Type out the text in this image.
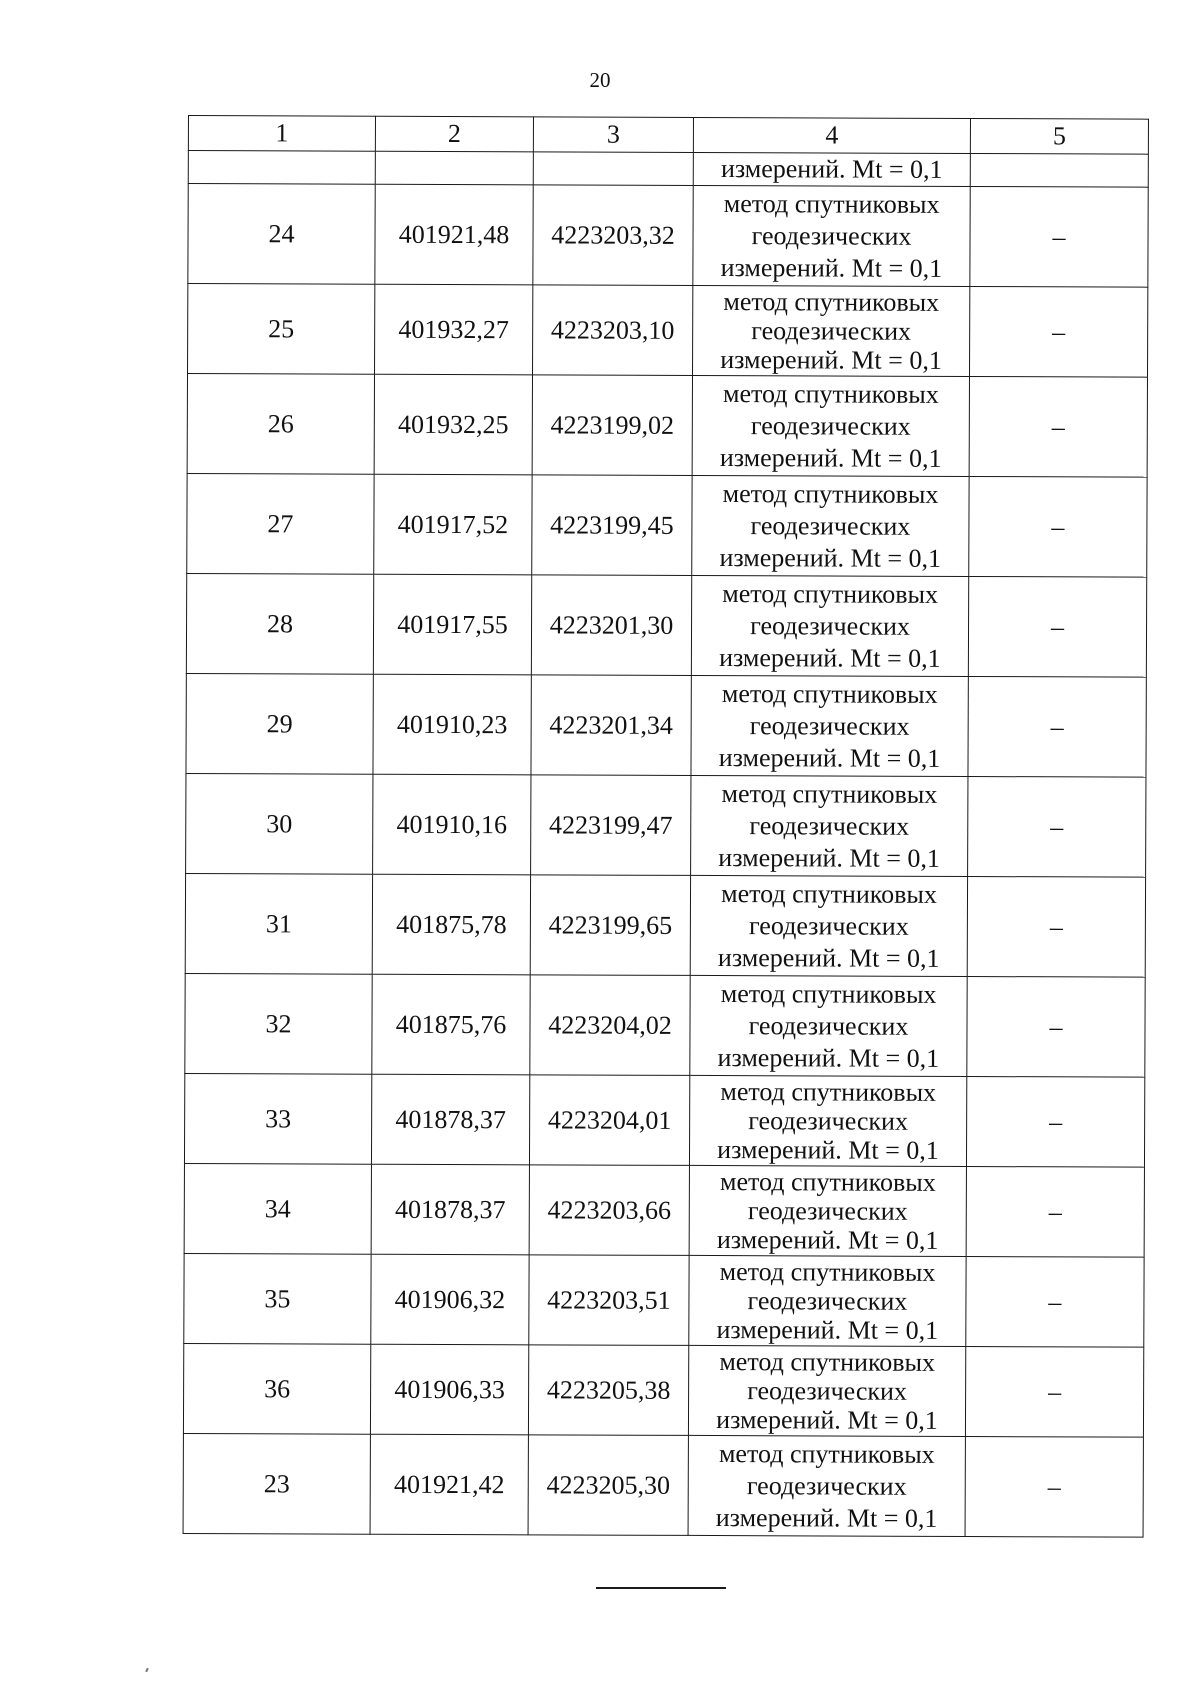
20
1	2	3	4	5
			измерений. Mt = 0,1	
24	401921,48	4223203,32	метод спутниковых
геодезических
измерений. Mt = 0,1	–
25	401932,27	4223203,10	метод спутниковых
геодезических
измерений. Mt = 0,1	–
26	401932,25	4223199,02	метод спутниковых
геодезических
измерений. Mt = 0,1	–
27	401917,52	4223199,45	метод спутниковых
геодезических
измерений. Mt = 0,1	–
28	401917,55	4223201,30	метод спутниковых
геодезических
измерений. Mt = 0,1	–
29	401910,23	4223201,34	метод спутниковых
геодезических
измерений. Mt = 0,1	–
30	401910,16	4223199,47	метод спутниковых
геодезических
измерений. Mt = 0,1	–
31	401875,78	4223199,65	метод спутниковых
геодезических
измерений. Mt = 0,1	–
32	401875,76	4223204,02	метод спутниковых
геодезических
измерений. Mt = 0,1	–
33	401878,37	4223204,01	метод спутниковых
геодезических
измерений. Mt = 0,1	–
34	401878,37	4223203,66	метод спутниковых
геодезических
измерений. Mt = 0,1	–
35	401906,32	4223203,51	метод спутниковых
геодезических
измерений. Mt = 0,1	–
36	401906,33	4223205,38	метод спутниковых
геодезических
измерений. Mt = 0,1	–
23	401921,42	4223205,30	метод спутниковых
геодезических
измерений. Mt = 0,1	–
